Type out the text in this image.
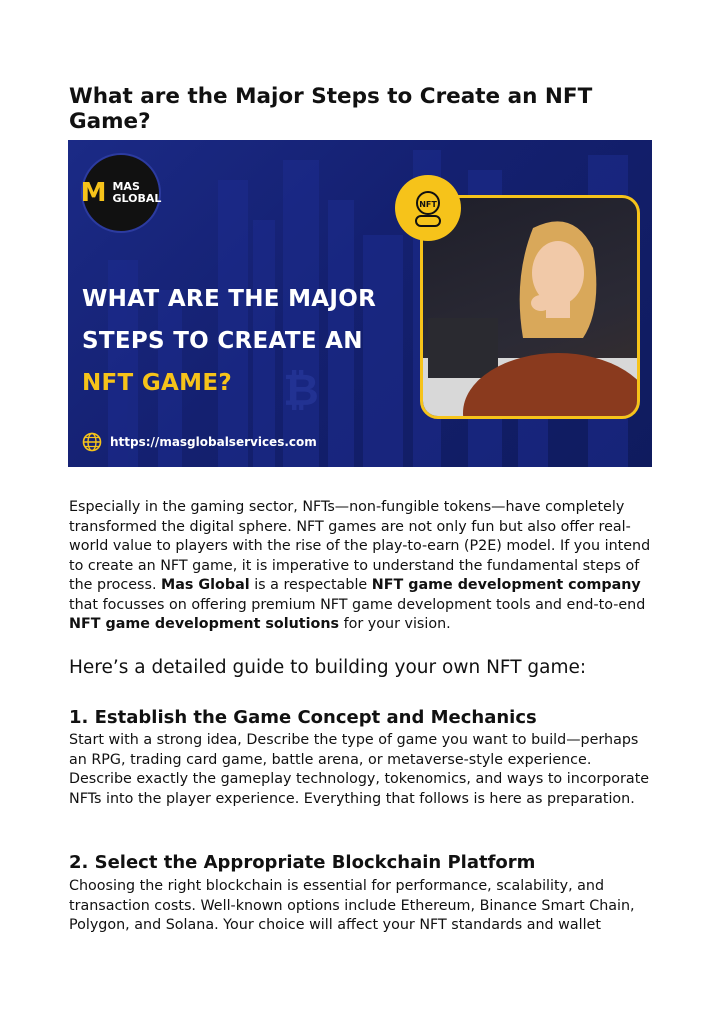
What are the Major Steps to Create an NFT Game?
₿
M MAS
GLOBAL
WHAT ARE THE MAJOR
STEPS TO CREATE AN
NFT GAME?
NFT
https://masglobalservices.com

Especially in the gaming sector, NFTs—non-fungible tokens—have completely transformed the digital sphere. NFT games are not only fun but also offer real-world value to players with the rise of the play-to-earn (P2E) model. If you intend to create an NFT game, it is imperative to understand the fundamental steps of the process. Mas Global is a respectable NFT game development company that focusses on offering premium NFT game development tools and end-to-end NFT game development solutions for your vision.

Here’s a detailed guide to building your own NFT game:
1. Establish the Game Concept and Mechanics

Start with a strong idea, Describe the type of game you want to build—perhaps an RPG, trading card game, battle arena, or metaverse-style experience. Describe exactly the gameplay technology, tokenomics, and ways to incorporate NFTs into the player experience. Everything that follows is here as preparation.

2. Select the Appropriate Blockchain Platform

Choosing the right blockchain is essential for performance, scalability, and transaction costs. Well-known options include Ethereum, Binance Smart Chain, Polygon, and Solana. Your choice will affect your NFT standards and wallet
